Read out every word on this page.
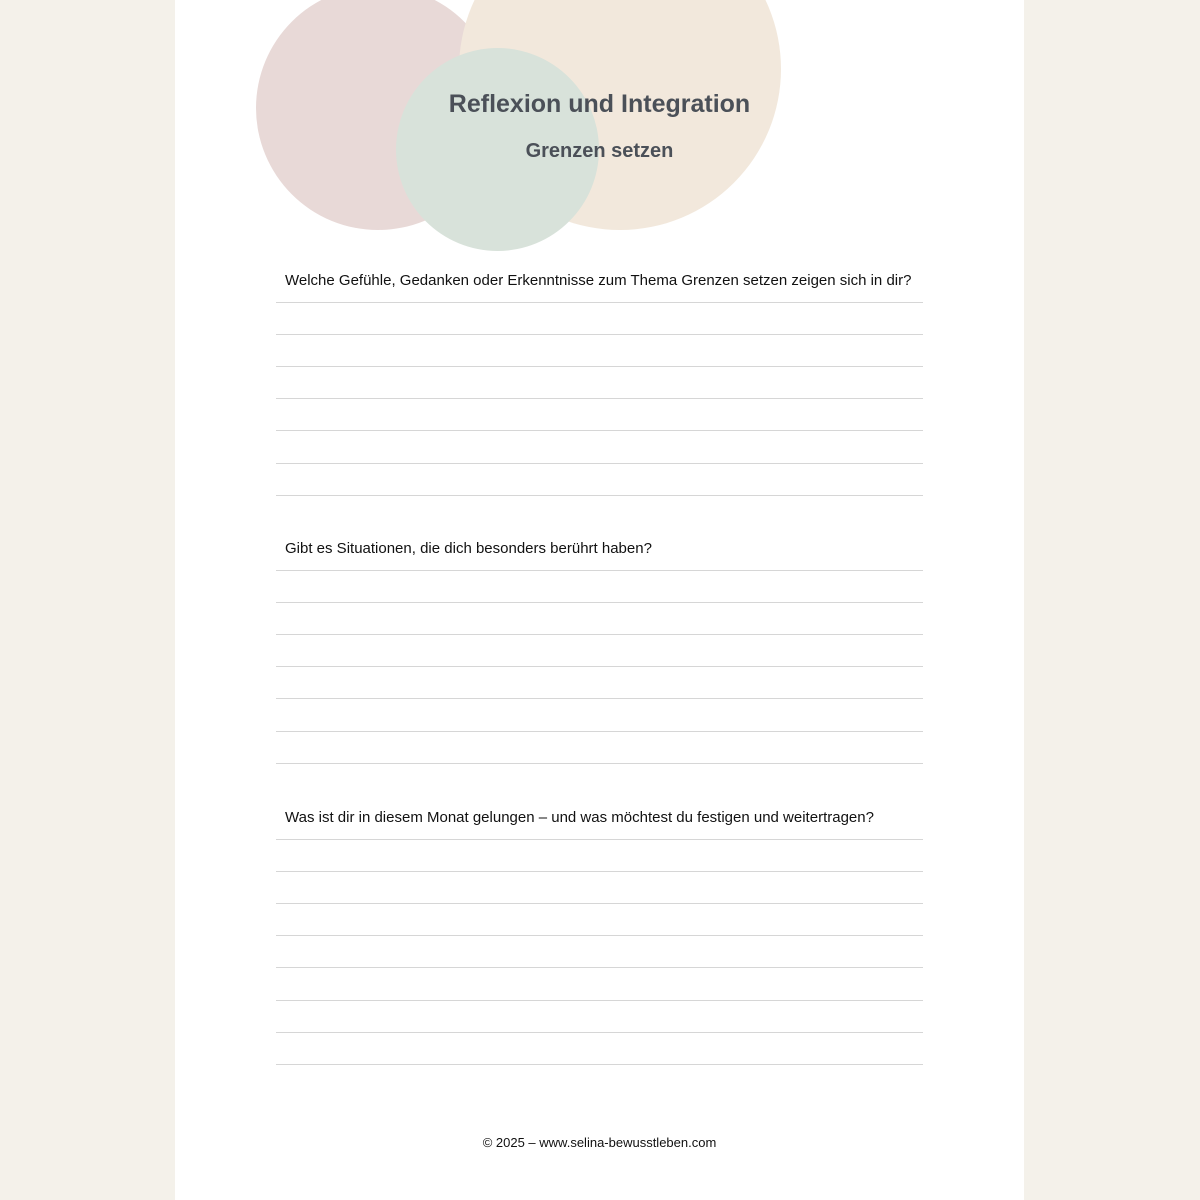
Reflexion und Integration
Grenzen setzen

Welche Gefühle, Gedanken oder Erkenntnisse zum Thema Grenzen setzen zeigen sich in dir?

Gibt es Situationen, die dich besonders berührt haben?

Was ist dir in diesem Monat gelungen – und was möchtest du festigen und weitertragen?

© 2025 – www.selina-bewusstleben.com
